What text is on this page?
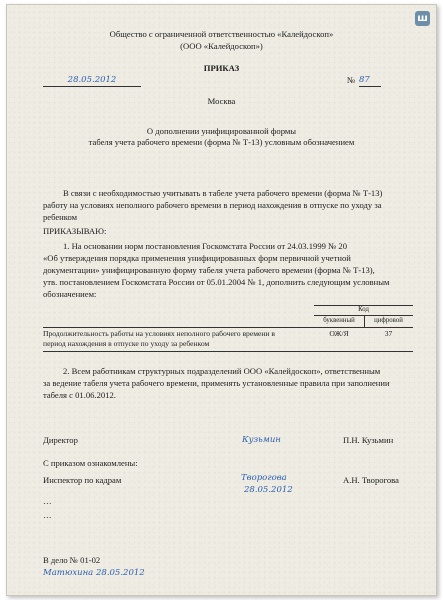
ш
Общество с ограниченной ответственностью «Калейдоскоп»
(ООО «Калейдоскоп»)
ПРИКАЗ
28.05.2012	№ 87
Москва
О дополнении унифицированной формы
табеля учета рабочего времени (форма № Т-13) условным обозначением
В связи с необходимостью учитывать в табеле учета рабочего времени (форма № Т-13)
работу на условиях неполного рабочего времени в период нахождения в отпуске по уходу за
ребенком
ПРИКАЗЫВАЮ:
1. На основании норм постановления Госкомстата России от 24.03.1999 № 20
«Об утверждения порядка применения унифицированных форм первичной учетной
документации» унифицированную форму табеля учета рабочего времени (форма № Т-13),
утв. постановлением Госкомстата России от 05.01.2004 № 1, дополнить следующим условным
обозначением:
Код
буквенный	цифровой
Продолжительность работы на условиях неполного рабочего времени в
период нахождения в отпуске по уходу за ребенком
ОЖ/Я	37
2. Всем работникам структурных подразделений ООО «Калейдоскоп», ответственным
за ведение табеля учета рабочего времени, применять установленные правила при заполнении
табеля с 01.06.2012.
Директор	Кузьмин	П.Н. Кузьмин
С приказом ознакомлены:
Инспектор по кадрам	Творогова
28.05.2012
А.Н. Творогова
…
…
В дело № 01-02
Матюхина 28.05.2012
